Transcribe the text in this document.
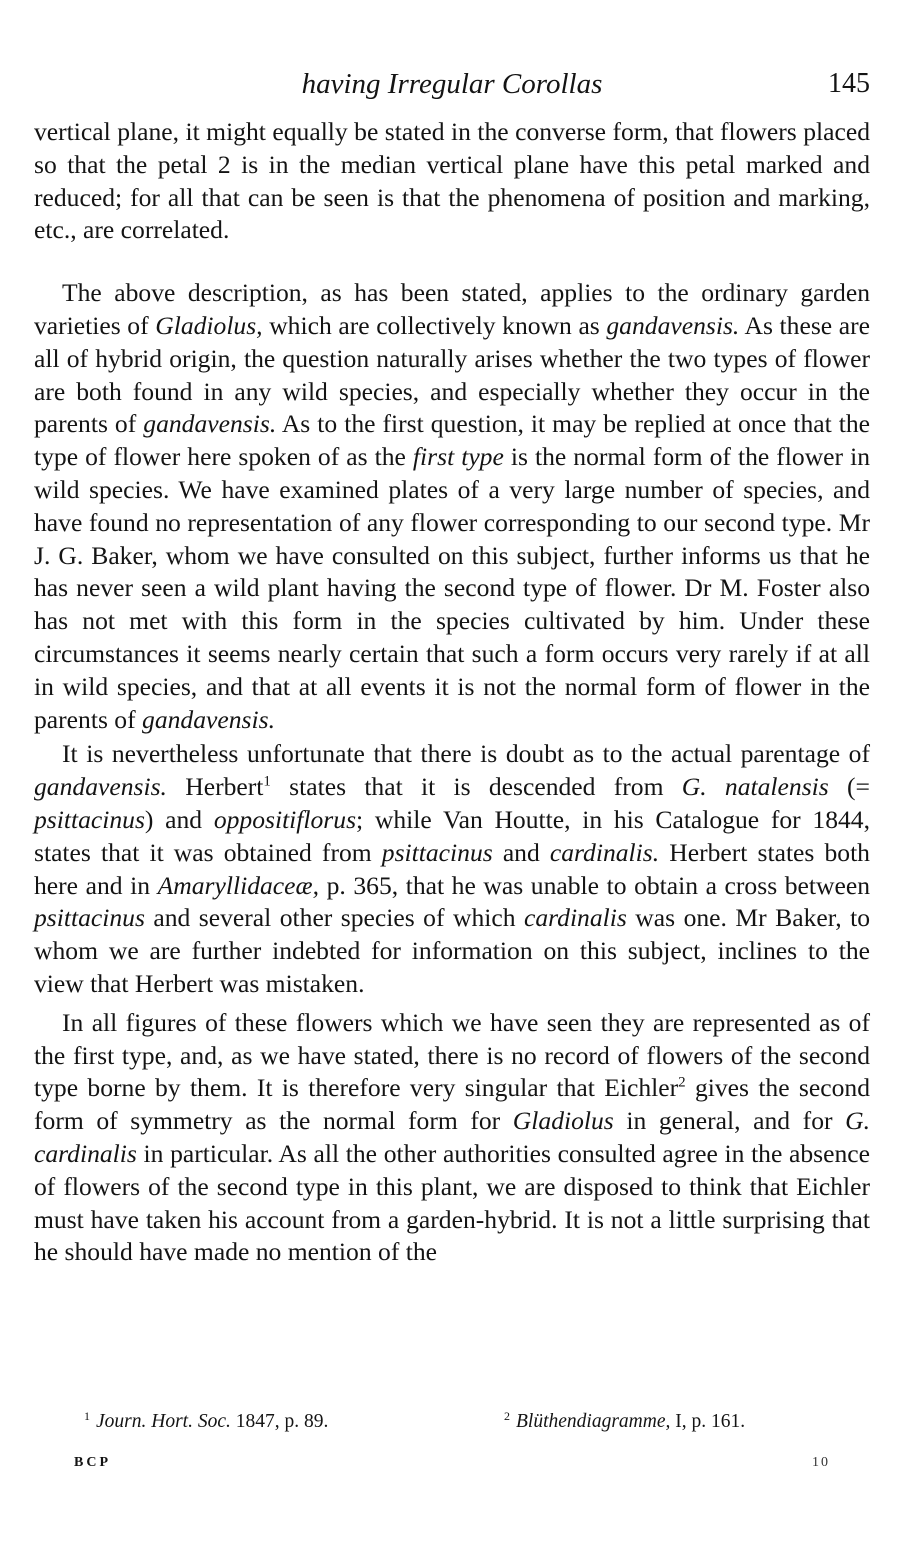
having Irregular Corollas	145

vertical plane, it might equally be stated in the converse form, that flowers placed so that the petal 2 is in the median vertical plane have this petal marked and reduced; for all that can be seen is that the phenomena of position and marking, etc., are correlated.

The above description, as has been stated, applies to the ordinary garden varieties of Gladiolus, which are collectively known as gandavensis. As these are all of hybrid origin, the question naturally arises whether the two types of flower are both found in any wild species, and especially whether they occur in the parents of gandavensis. As to the first question, it may be replied at once that the type of flower here spoken of as the first type is the normal form of the flower in wild species. We have examined plates of a very large number of species, and have found no representation of any flower corresponding to our second type. Mr J. G. Baker, whom we have consulted on this subject, further informs us that he has never seen a wild plant having the second type of flower. Dr M. Foster also has not met with this form in the species cultivated by him. Under these circumstances it seems nearly certain that such a form occurs very rarely if at all in wild species, and that at all events it is not the normal form of flower in the parents of gandavensis.

It is nevertheless unfortunate that there is doubt as to the actual parentage of gandavensis. Herbert$^1$ states that it is descended from G. natalensis (= psittacinus) and oppositiflorus; while Van Houtte, in his Catalogue for 1844, states that it was obtained from psittacinus and cardinalis. Herbert states both here and in Amaryllidaceæ, p. 365, that he was unable to obtain a cross between psittacinus and several other species of which cardinalis was one. Mr Baker, to whom we are further indebted for information on this subject, inclines to the view that Herbert was mistaken.

In all figures of these flowers which we have seen they are represented as of the first type, and, as we have stated, there is no record of flowers of the second type borne by them. It is therefore very singular that Eichler$^2$ gives the second form of symmetry as the normal form for Gladiolus in general, and for G. cardinalis in particular. As all the other authorities consulted agree in the absence of flowers of the second type in this plant, we are disposed to think that Eichler must have taken his account from a garden-hybrid. It is not a little surprising that he should have made no mention of the

$^1$ Journ. Hort. Soc. 1847, p. 89.	$^2$ Blüthendiagramme, I, p. 161.
BCP	10
